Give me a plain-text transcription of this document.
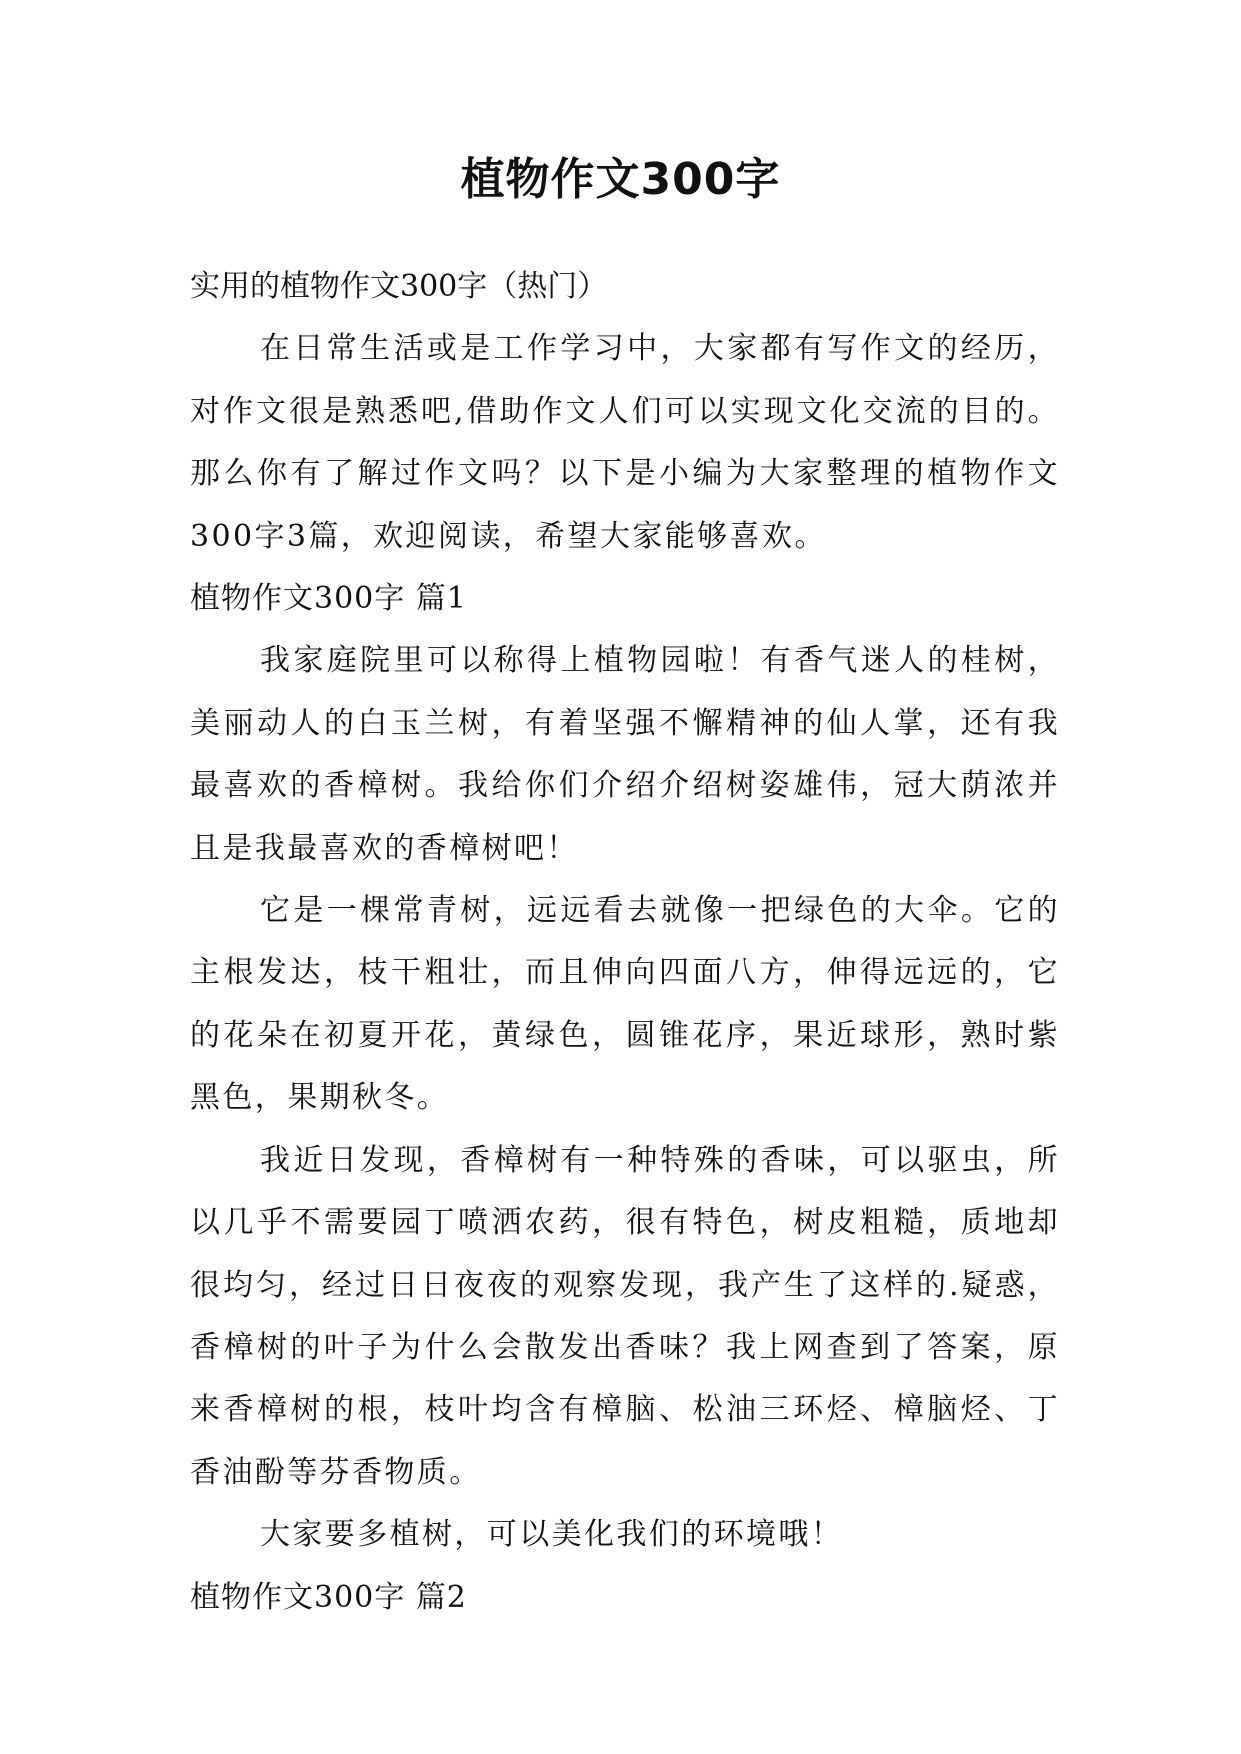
植物作文300字

实用的植物作文300字（热门）

在日常生活或是工作学习中，大家都有写作文的经历，对作文很是熟悉吧,借助作文人们可以实现文化交流的目的。那么你有了解过作文吗？以下是小编为大家整理的植物作文300字3篇，欢迎阅读，希望大家能够喜欢。

植物作文300字 篇1

我家庭院里可以称得上植物园啦！有香气迷人的桂树，美丽动人的白玉兰树，有着坚强不懈精神的仙人掌，还有我最喜欢的香樟树。我给你们介绍介绍树姿雄伟，冠大荫浓并且是我最喜欢的香樟树吧！

它是一棵常青树，远远看去就像一把绿色的大伞。它的主根发达，枝干粗壮，而且伸向四面八方，伸得远远的，它的花朵在初夏开花，黄绿色，圆锥花序，果近球形，熟时紫黑色，果期秋冬。

我近日发现，香樟树有一种特殊的香味，可以驱虫，所以几乎不需要园丁喷洒农药，很有特色，树皮粗糙，质地却很均匀，经过日日夜夜的观察发现，我产生了这样的.疑惑，香樟树的叶子为什么会散发出香味？我上网查到了答案，原来香樟树的根，枝叶均含有樟脑、松油三环烃、樟脑烃、丁香油酚等芬香物质。

大家要多植树，可以美化我们的环境哦！

植物作文300字 篇2
